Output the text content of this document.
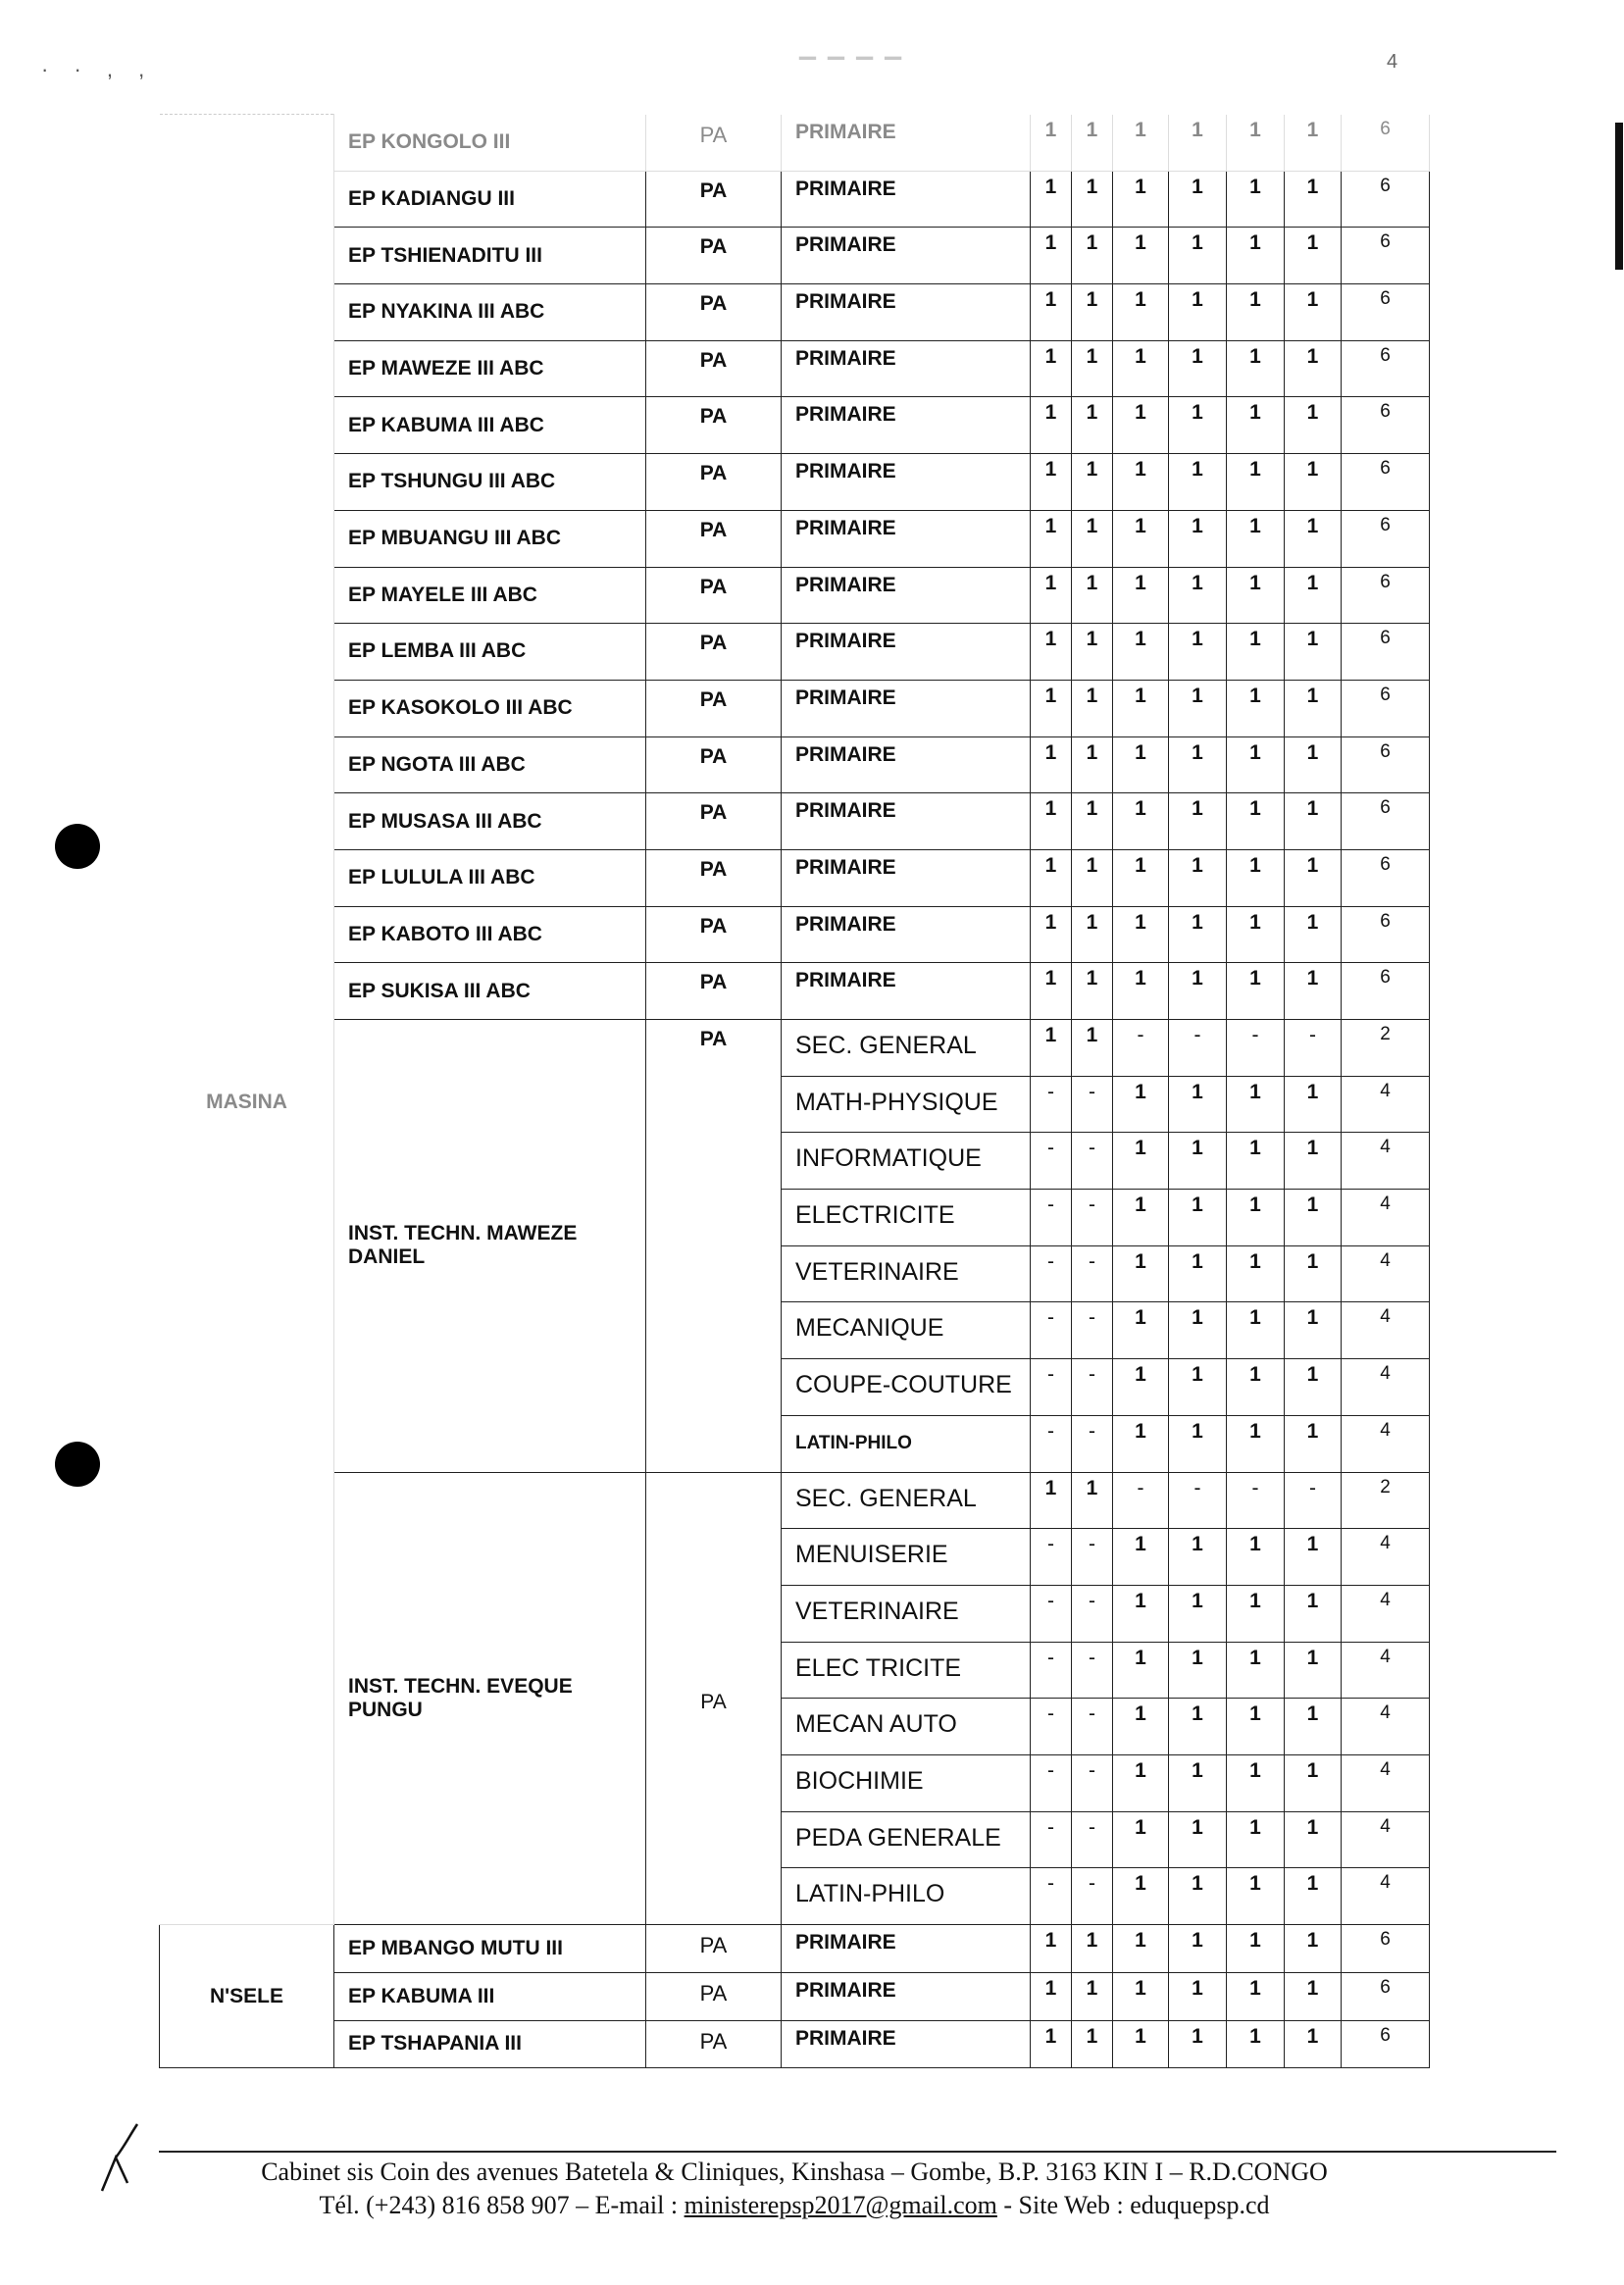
· · , ,	▔ ▔ ▔ ▔	4
MASINA	EP KONGOLO III	PA	PRIMAIRE	1	1	1	1	1	1	6
	EP KADIANGU III	PA	PRIMAIRE	1	1	1	1	1	1	6
	EP TSHIENADITU III	PA	PRIMAIRE	1	1	1	1	1	1	6
	EP NYAKINA III ABC	PA	PRIMAIRE	1	1	1	1	1	1	6
	EP MAWEZE III ABC	PA	PRIMAIRE	1	1	1	1	1	1	6
	EP KABUMA III ABC	PA	PRIMAIRE	1	1	1	1	1	1	6
	EP TSHUNGU III ABC	PA	PRIMAIRE	1	1	1	1	1	1	6
	EP MBUANGU III ABC	PA	PRIMAIRE	1	1	1	1	1	1	6
	EP MAYELE III ABC	PA	PRIMAIRE	1	1	1	1	1	1	6
	EP LEMBA III ABC	PA	PRIMAIRE	1	1	1	1	1	1	6
	EP KASOKOLO III ABC	PA	PRIMAIRE	1	1	1	1	1	1	6
	EP NGOTA III ABC	PA	PRIMAIRE	1	1	1	1	1	1	6
	EP MUSASA III ABC	PA	PRIMAIRE	1	1	1	1	1	1	6
	EP LULULA III ABC	PA	PRIMAIRE	1	1	1	1	1	1	6
	EP KABOTO III ABC	PA	PRIMAIRE	1	1	1	1	1	1	6
	EP SUKISA III ABC	PA	PRIMAIRE	1	1	1	1	1	1	6
	INST. TECHN. MAWEZE DANIEL	PA	SEC. GENERAL	1	1	-	-	-	-	2
			MATH-PHYSIQUE	-	-	1	1	1	1	4
			INFORMATIQUE	-	-	1	1	1	1	4
			ELECTRICITE	-	-	1	1	1	1	4
			VETERINAIRE	-	-	1	1	1	1	4
			MECANIQUE	-	-	1	1	1	1	4
			COUPE-COUTURE	-	-	1	1	1	1	4
			LATIN-PHILO	-	-	1	1	1	1	4
	INST. TECHN. EVEQUE PUNGU	PA	SEC. GENERAL	1	1	-	-	-	-	2
			MENUISERIE	-	-	1	1	1	1	4
			VETERINAIRE	-	-	1	1	1	1	4
			ELEC TRICITE	-	-	1	1	1	1	4
			MECAN AUTO	-	-	1	1	1	1	4
			BIOCHIMIE	-	-	1	1	1	1	4
			PEDA GENERALE	-	-	1	1	1	1	4
			LATIN-PHILO	-	-	1	1	1	1	4
N'SELE	EP MBANGO MUTU III	PA	PRIMAIRE	1	1	1	1	1	1	6
	EP KABUMA III	PA	PRIMAIRE	1	1	1	1	1	1	6
	EP TSHAPANIA III	PA	PRIMAIRE	1	1	1	1	1	1	6
Cabinet sis Coin des avenues Batetela & Cliniques, Kinshasa – Gombe, B.P. 3163 KIN I – R.D.CONGO
Tél. (+243) 816 858 907 – E-mail : ministerepsp2017@gmail.com - Site Web : eduquepsp.cd
